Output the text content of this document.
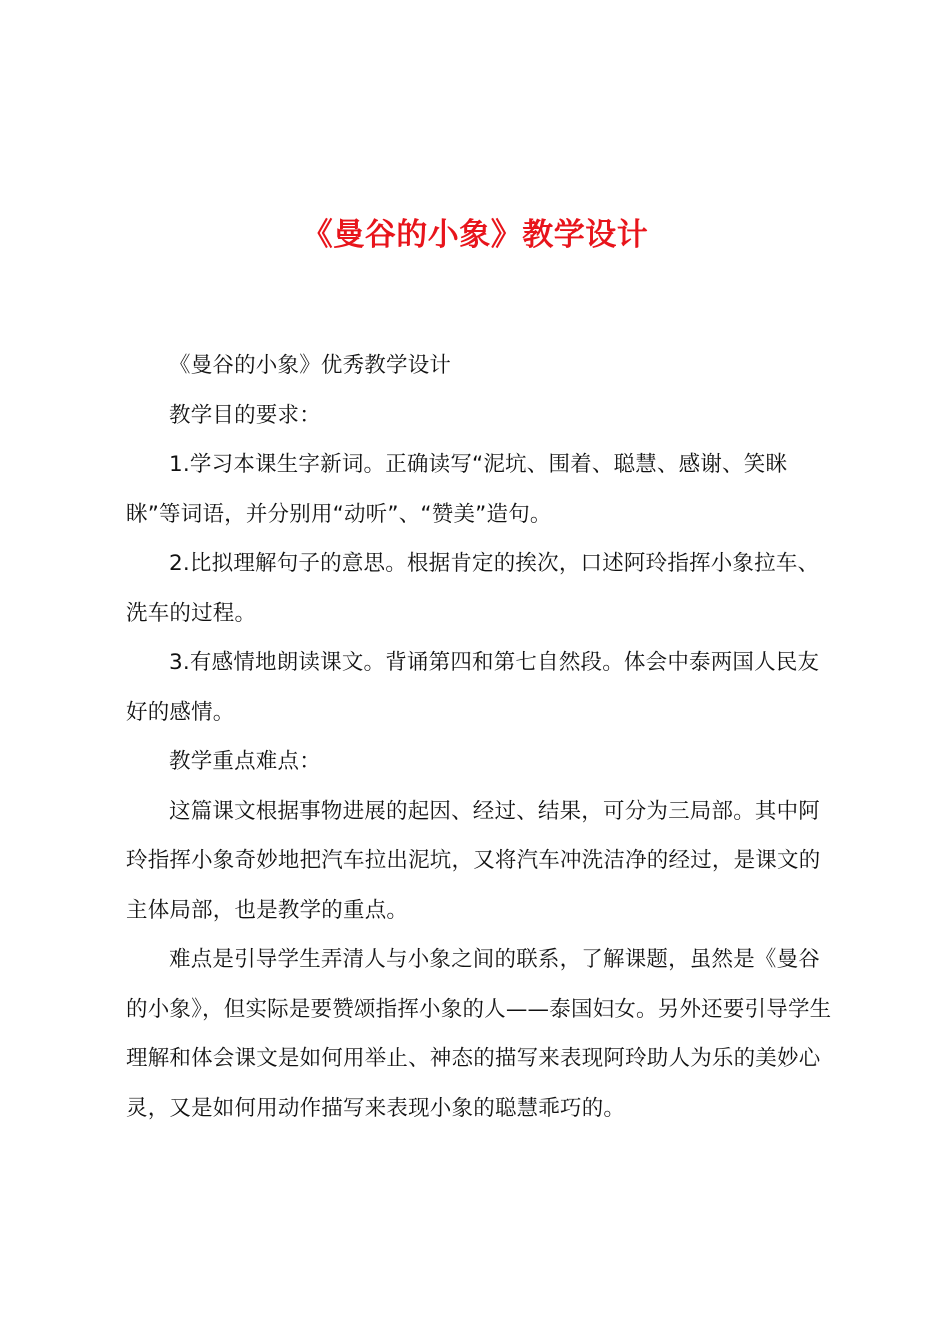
《曼谷的小象》教学设计

《曼谷的小象》优秀教学设计

教学目的要求：

1.学习本课生字新词。正确读写“泥坑、围着、聪慧、感谢、笑眯眯”等词语，并分别用“动听”、“赞美”造句。

2.比拟理解句子的意思。根据肯定的挨次，口述阿玲指挥小象拉车、洗车的过程。

3.有感情地朗读课文。背诵第四和第七自然段。体会中泰两国人民友好的感情。

教学重点难点：

这篇课文根据事物进展的起因、经过、结果，可分为三局部。其中阿玲指挥小象奇妙地把汽车拉出泥坑，又将汽车冲洗洁净的经过，是课文的主体局部，也是教学的重点。

难点是引导学生弄清人与小象之间的联系，了解课题，虽然是《曼谷的小象》，但实际是要赞颂指挥小象的人——泰国妇女。另外还要引导学生理解和体会课文是如何用举止、神态的描写来表现阿玲助人为乐的美妙心灵，又是如何用动作描写来表现小象的聪慧乖巧的。
